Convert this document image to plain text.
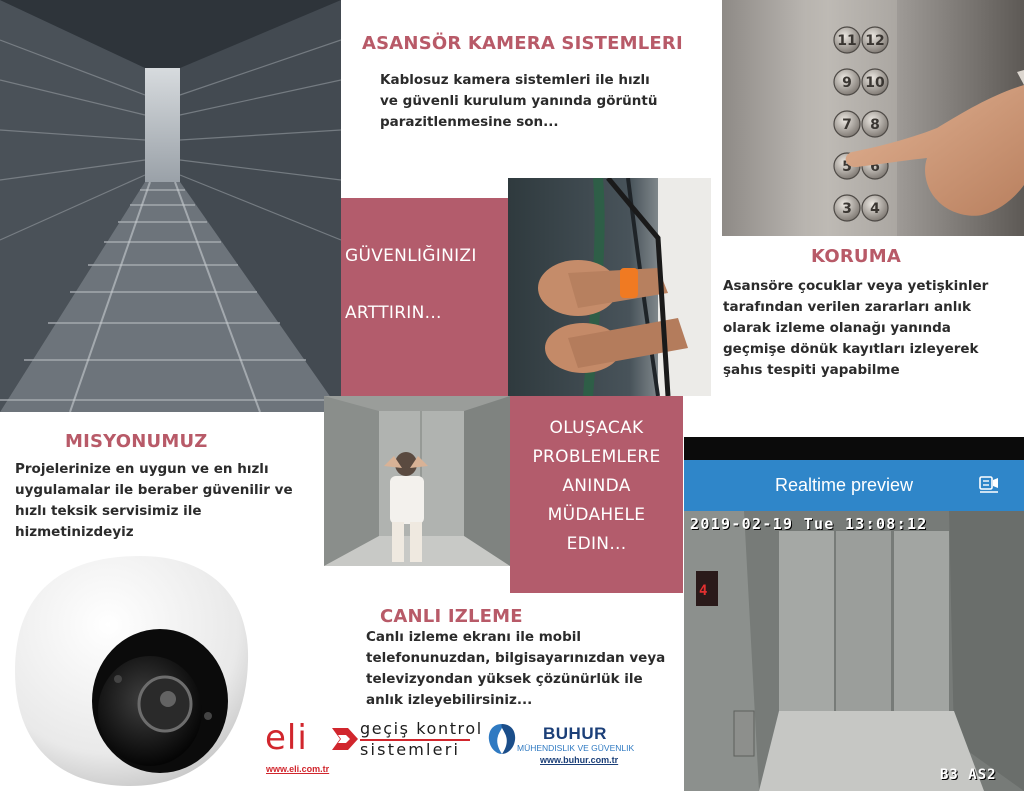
ASANSÖR KAMERA SISTEMLERI
Kablosuz kamera sistemleri ile hızlı ve güvenli kurulum yanında görüntü parazitlenmesine son...
11 12
9 10
7 8
5 6
3 4
GÜVENLIĞINIZI
ARTTIRIN...
KORUMA
Asansöre çocuklar veya yetişkinler tarafından verilen zararları anlık olarak izleme olanağı yanında geçmişe dönük kayıtları izleyerek şahıs tespiti yapabilme
OLUŞACAK PROBLEMLERE ANINDA MÜDAHELE EDIN...
MISYONUMUZ
Projelerinize en uygun ve en hızlı uygulamalar ile beraber güvenilir ve hızlı teksik servisimiz ile hizmetinizdeyiz
CANLI IZLEME
Canlı izleme ekranı ile mobil telefonunuzdan, bilgisayarınızdan veya televizyondan yüksek çözünürlük ile anlık izleyebilirsiniz...
eli	geçiş kontrol
sistemleri
www.eli.com.tr
BUHUR
MÜHENDISLIK VE GÜVENLIK
www.buhur.com.tr
Realtime preview
4
2019-02-19 Tue 13:08:12
B3 AS2
